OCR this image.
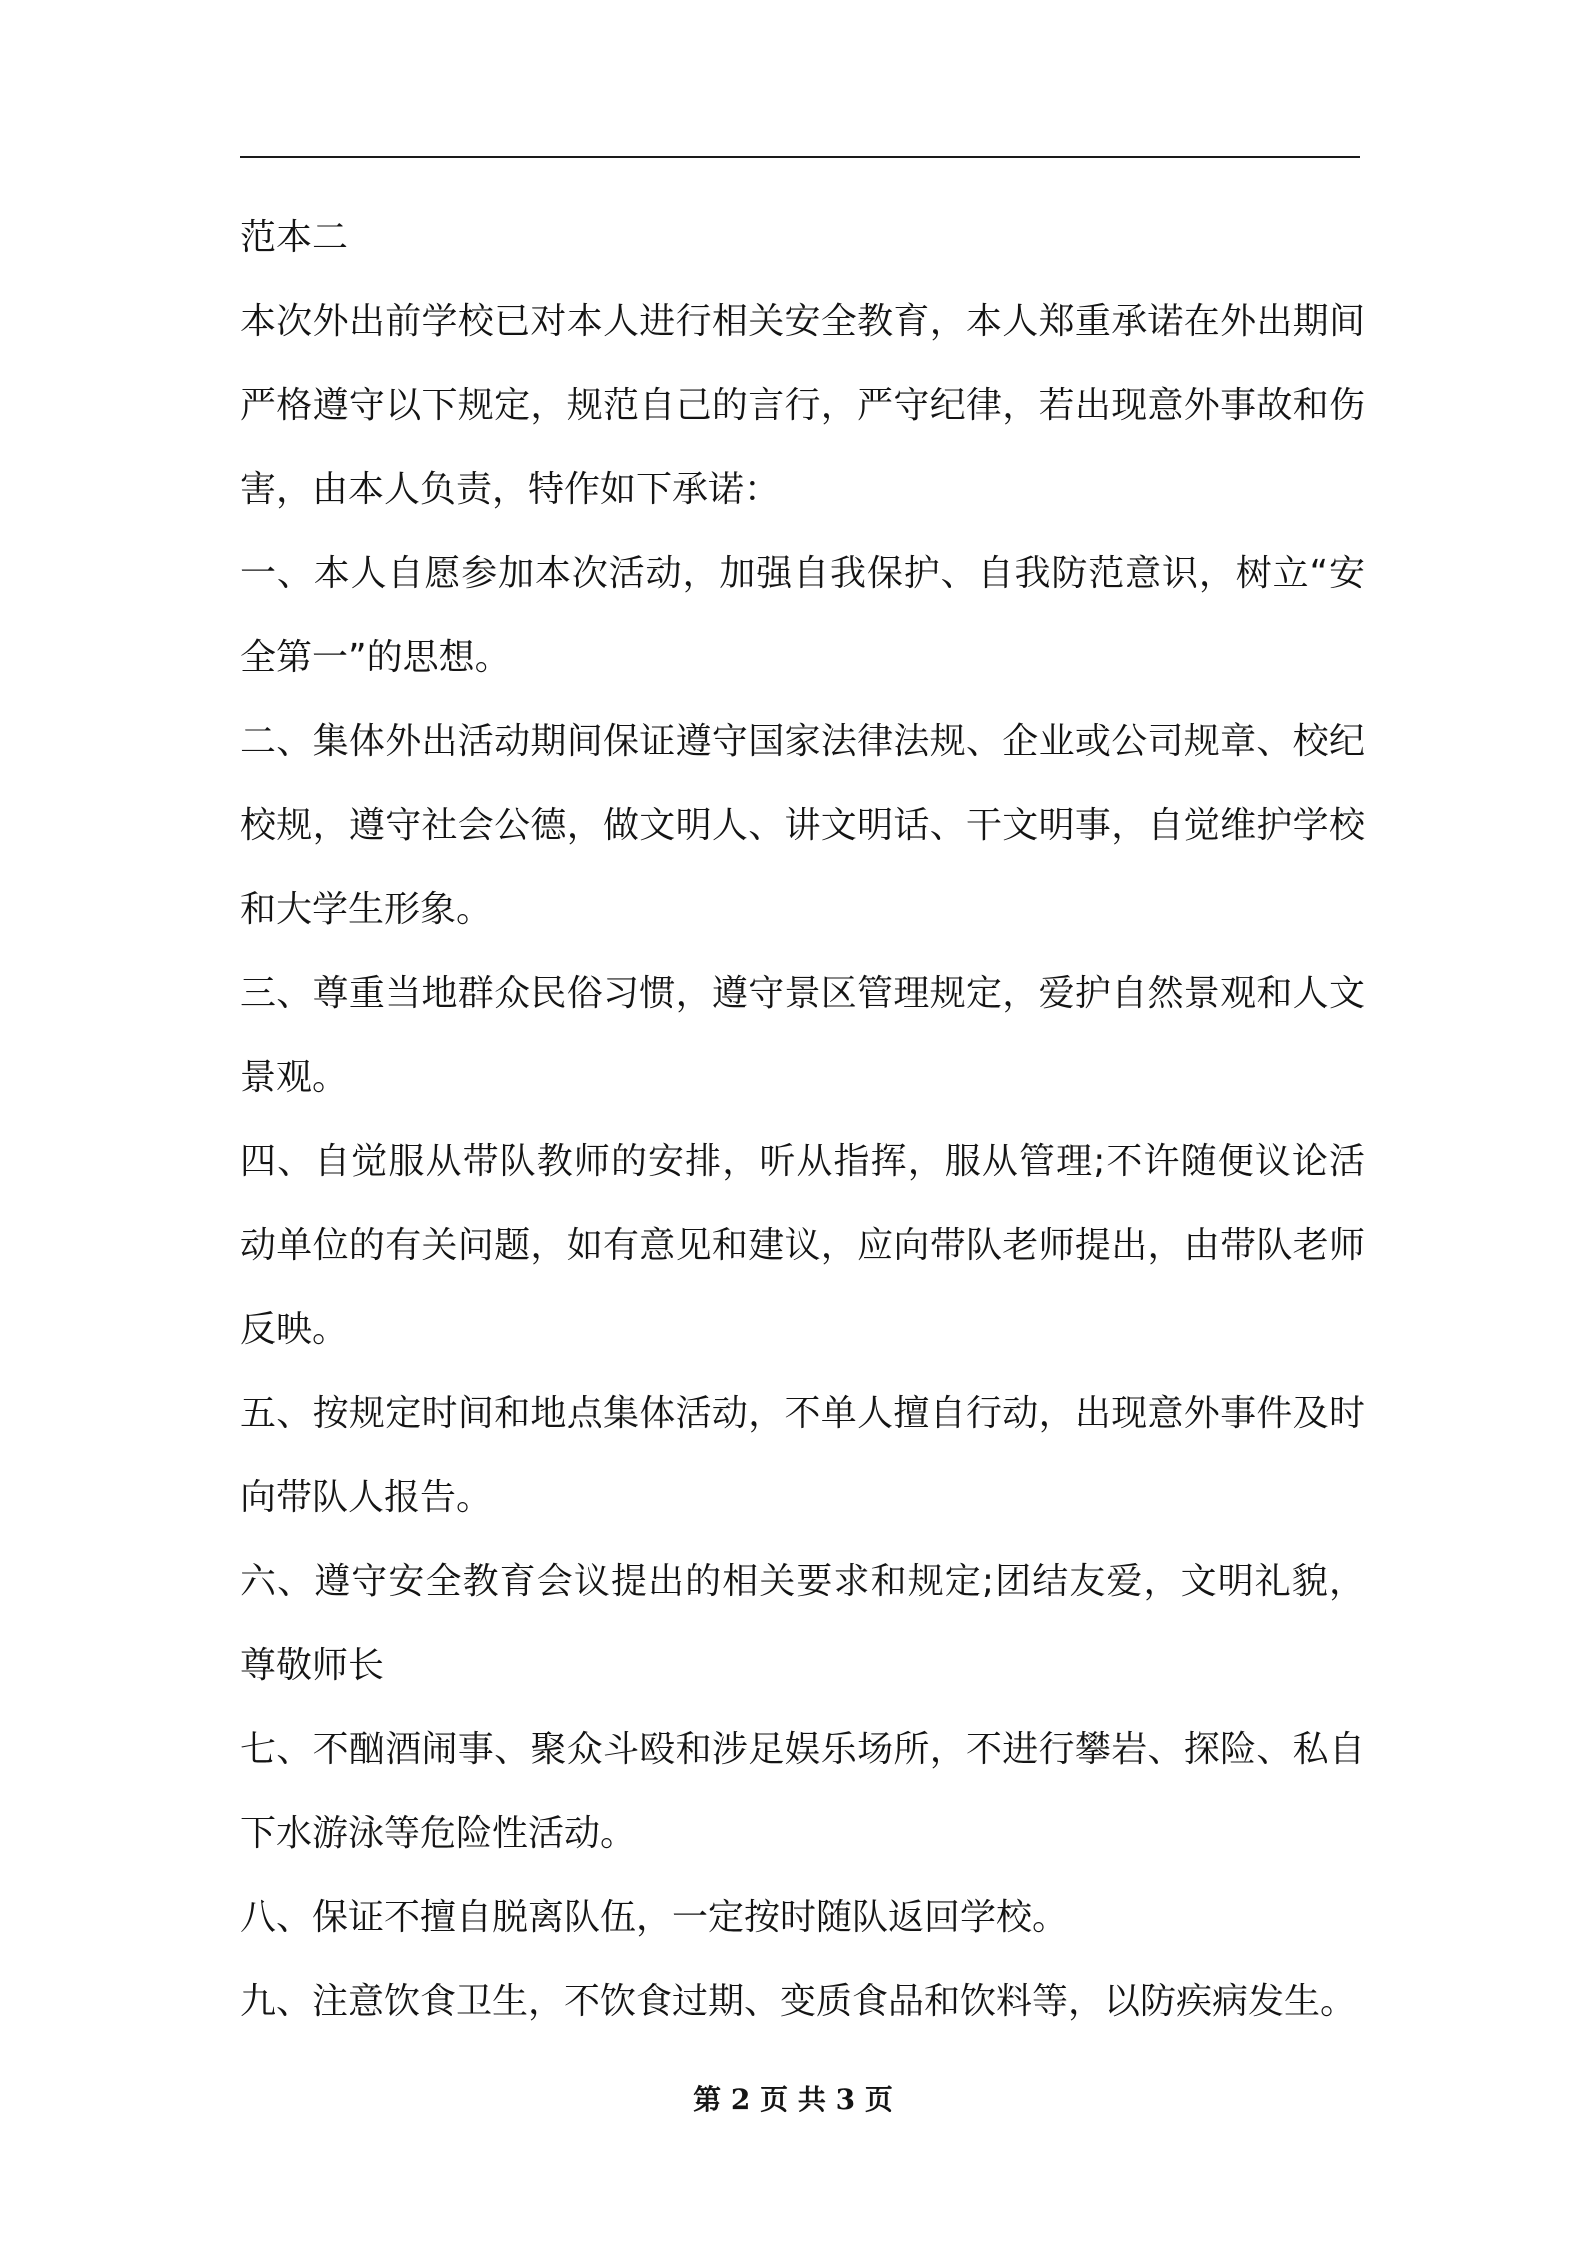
范本二

本次外出前学校已对本人进行相关安全教育，本人郑重承诺在外出期间严格遵守以下规定，规范自己的言行，严守纪律，若出现意外事故和伤害，由本人负责，特作如下承诺：

一、本人自愿参加本次活动，加强自我保护、自我防范意识，树立“安全第一”的思想。

二、集体外出活动期间保证遵守国家法律法规、企业或公司规章、校纪校规，遵守社会公德，做文明人、讲文明话、干文明事，自觉维护学校和大学生形象。

三、尊重当地群众民俗习惯，遵守景区管理规定，爱护自然景观和人文景观。

四、自觉服从带队教师的安排，听从指挥，服从管理;不许随便议论活动单位的有关问题，如有意见和建议，应向带队老师提出，由带队老师反映。

五、按规定时间和地点集体活动，不单人擅自行动，出现意外事件及时向带队人报告。

六、遵守安全教育会议提出的相关要求和规定;团结友爱，文明礼貌，尊敬师长

七、不酗酒闹事、聚众斗殴和涉足娱乐场所，不进行攀岩、探险、私自下水游泳等危险性活动。

八、保证不擅自脱离队伍，一定按时随队返回学校。

九、注意饮食卫生，不饮食过期、变质食品和饮料等，以防疾病发生。

第 2 页 共 3 页
